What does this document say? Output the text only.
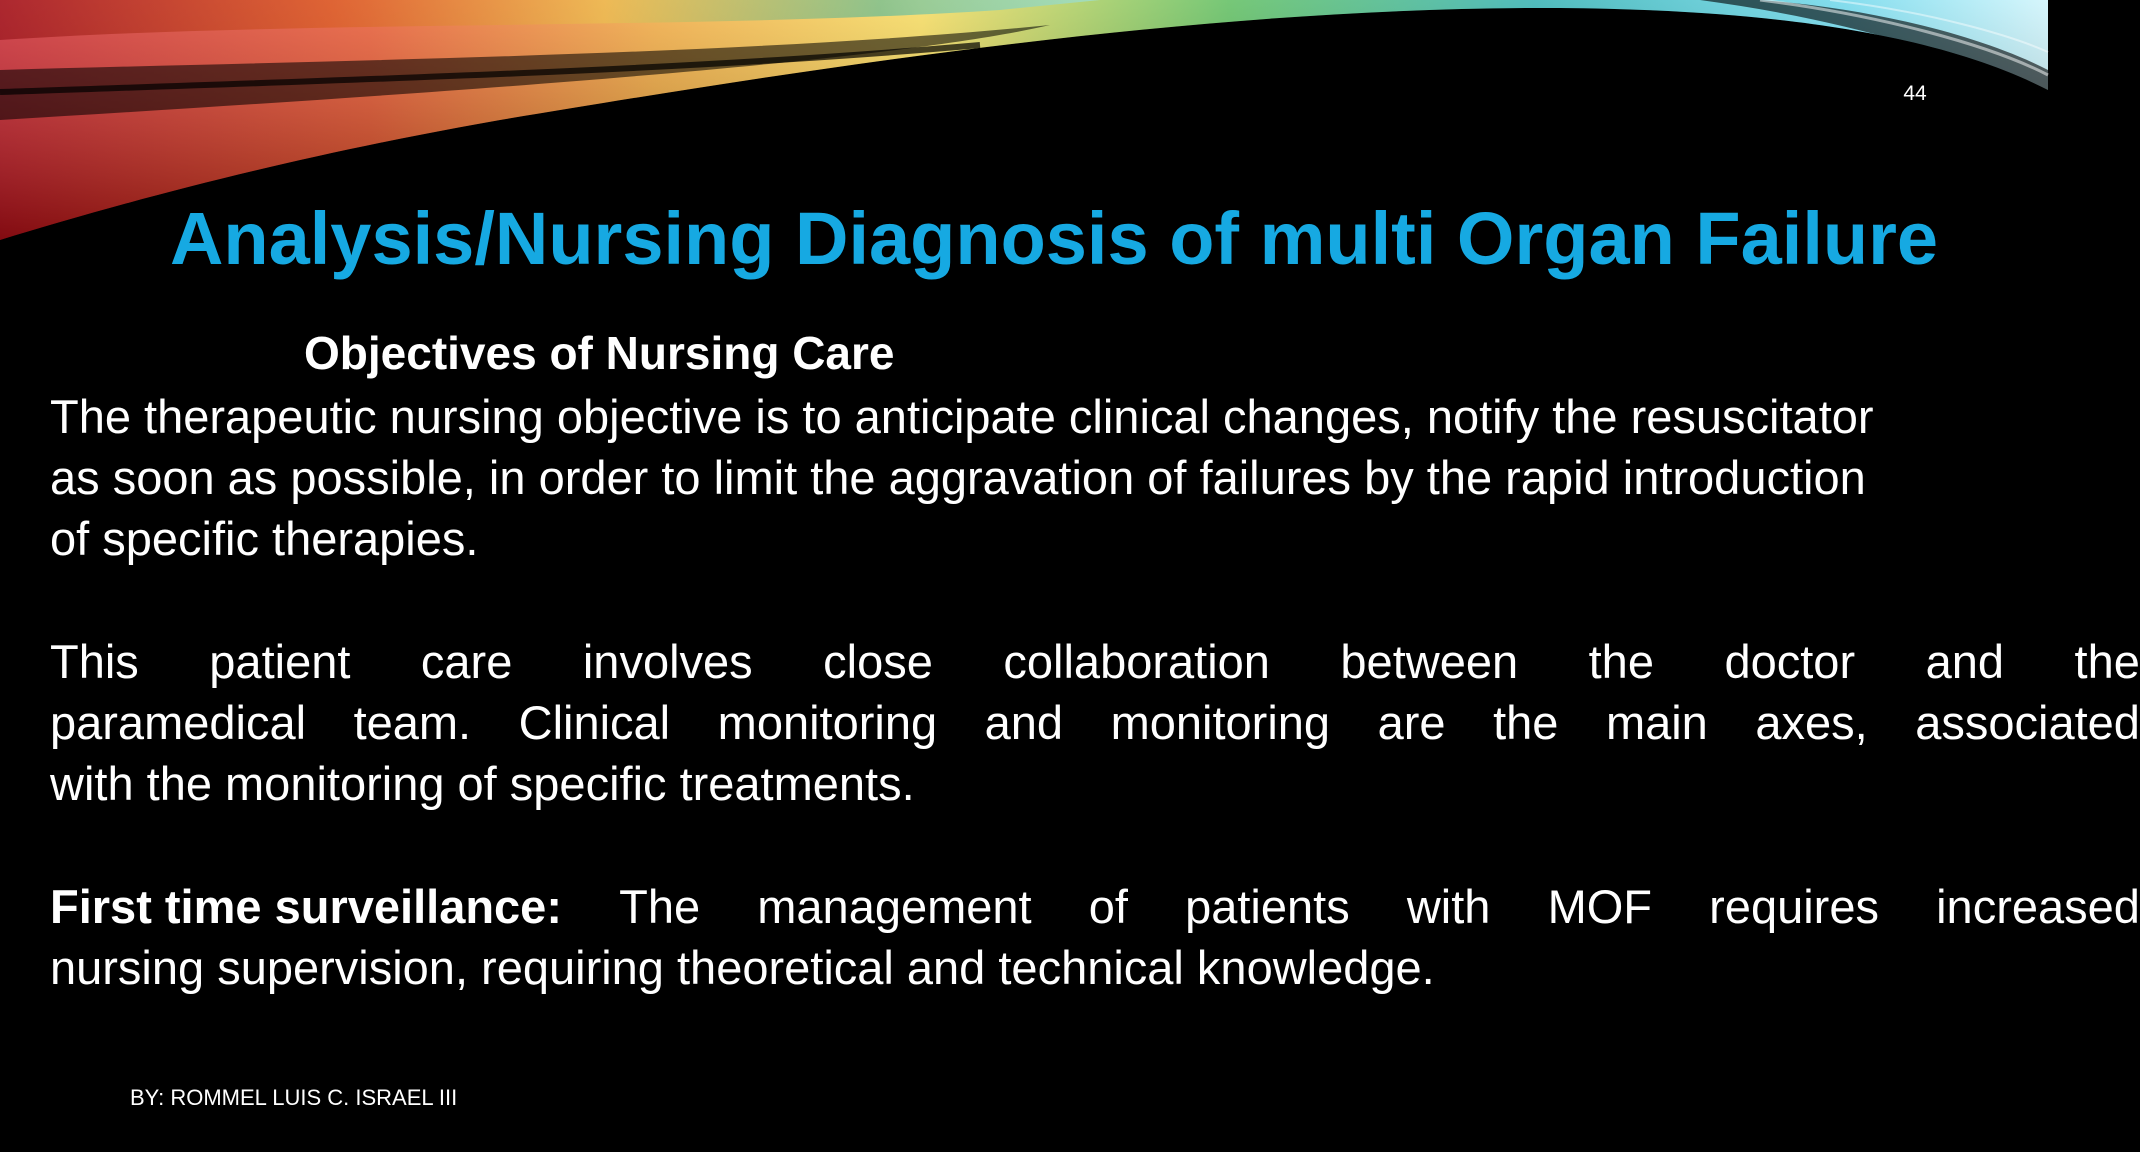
44
Analysis/Nursing Diagnosis of multi Organ Failure
Objectives of Nursing Care
The therapeutic nursing objective is to anticipate clinical changes, notify the resuscitator
as soon as possible, in order to limit the aggravation of failures by the rapid introduction
of specific therapies.
This patient care involves close collaboration between the doctor and the
paramedical team. Clinical monitoring and monitoring are the main axes, associated
with the monitoring of specific treatments.
First time surveillance: The management of patients with MOF requires increased
nursing supervision, requiring theoretical and technical knowledge.
BY: ROMMEL LUIS C. ISRAEL III
